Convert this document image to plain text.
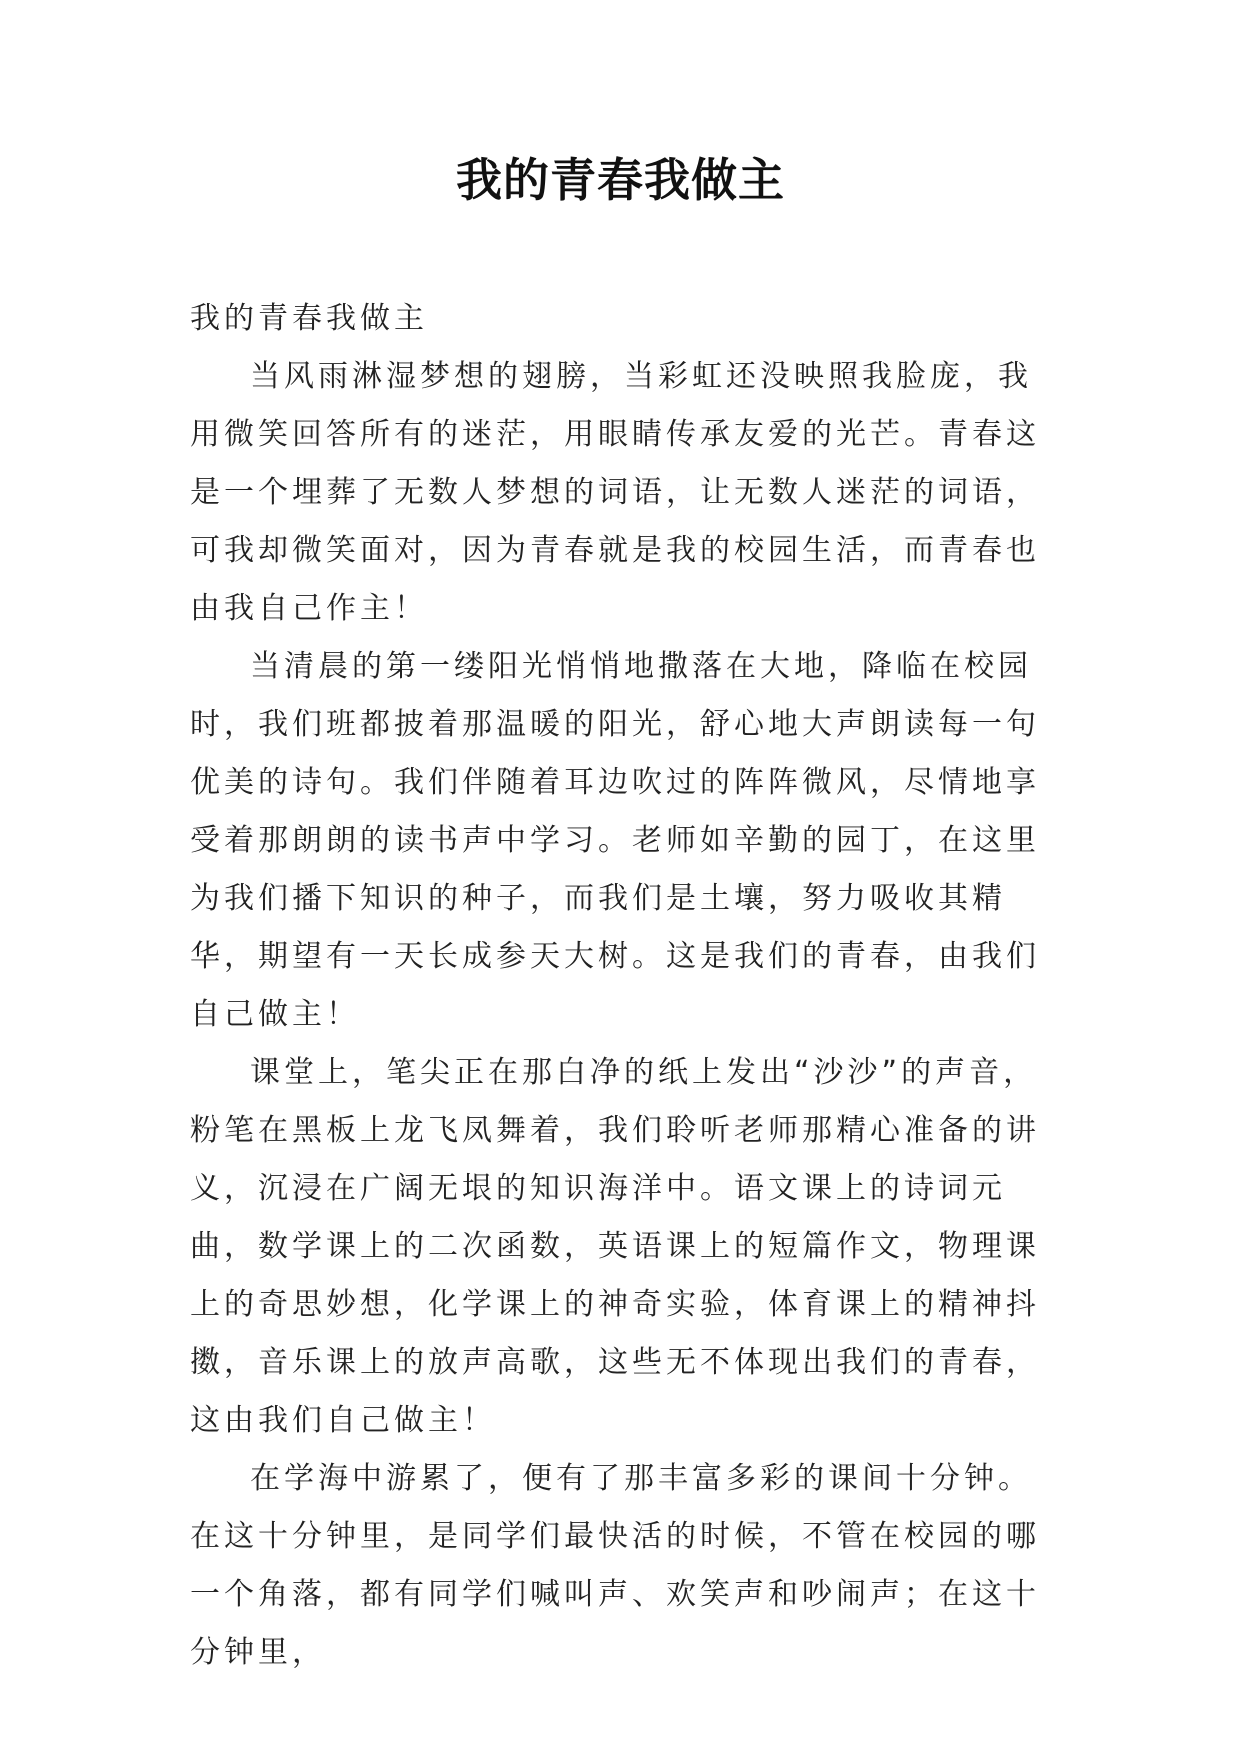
我的青春我做主

我的青春我做主

当风雨淋湿梦想的翅膀，当彩虹还没映照我脸庞，我用微笑回答所有的迷茫，用眼睛传承友爱的光芒。青春这是一个埋葬了无数人梦想的词语，让无数人迷茫的词语，可我却微笑面对，因为青春就是我的校园生活，而青春也由我自己作主！

当清晨的第一缕阳光悄悄地撒落在大地，降临在校园时，我们班都披着那温暖的阳光，舒心地大声朗读每一句优美的诗句。我们伴随着耳边吹过的阵阵微风，尽情地享受着那朗朗的读书声中学习。老师如辛勤的园丁，在这里为我们播下知识的种子，而我们是土壤，努力吸收其精华，期望有一天长成参天大树。这是我们的青春，由我们自己做主！

课堂上，笔尖正在那白净的纸上发出“沙沙”的声音，粉笔在黑板上龙飞凤舞着，我们聆听老师那精心准备的讲义，沉浸在广阔无垠的知识海洋中。语文课上的诗词元曲，数学课上的二次函数，英语课上的短篇作文，物理课上的奇思妙想，化学课上的神奇实验，体育课上的精神抖擞，音乐课上的放声高歌，这些无不体现出我们的青春，这由我们自己做主！

在学海中游累了，便有了那丰富多彩的课间十分钟。在这十分钟里，是同学们最快活的时候，不管在校园的哪一个角落，都有同学们喊叫声、欢笑声和吵闹声；在这十分钟里，
